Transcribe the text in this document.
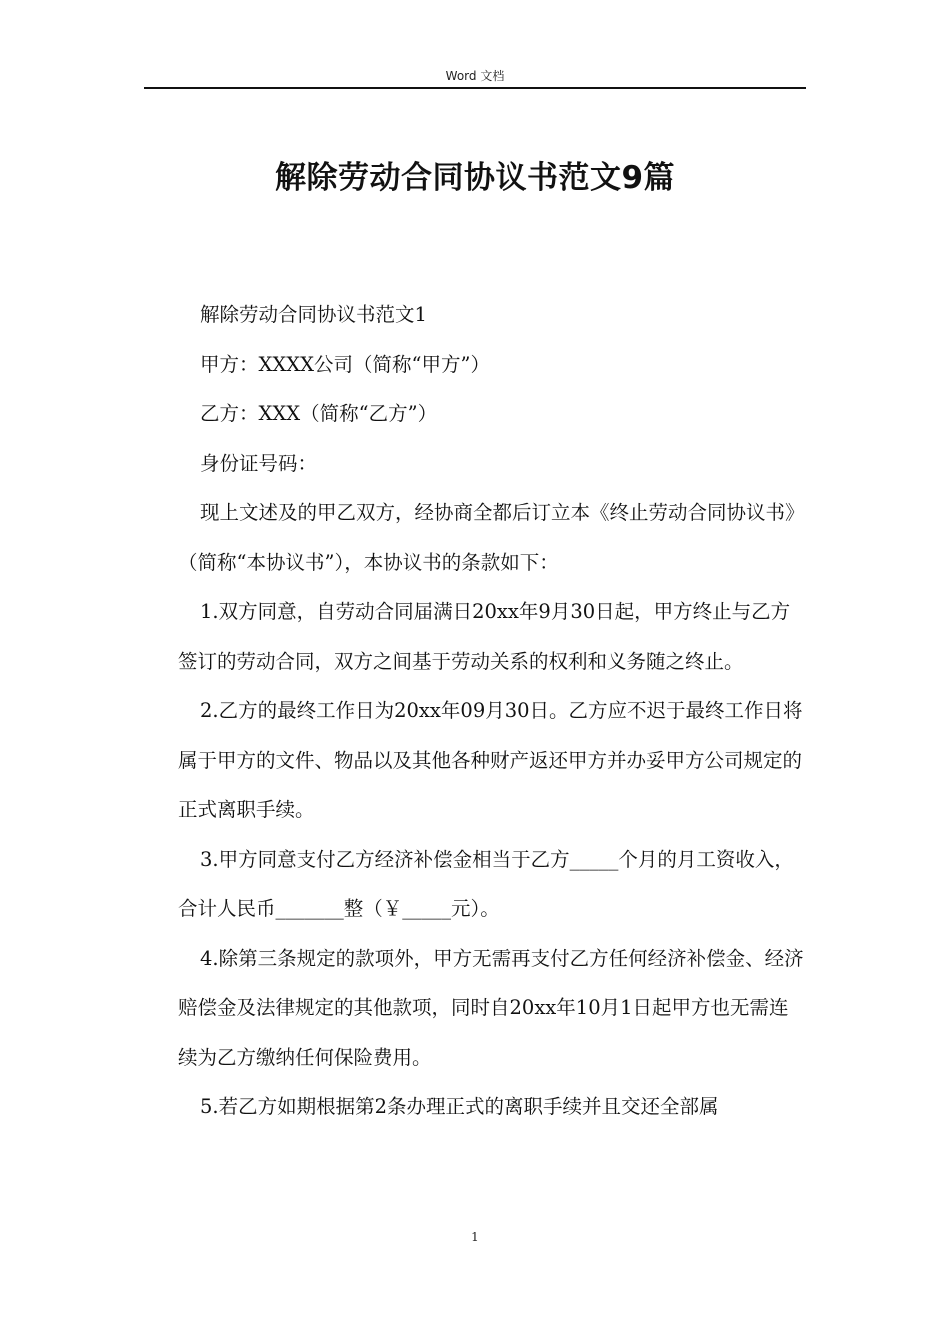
Word 文档
解除劳动合同协议书范文9篇

解除劳动合同协议书范文1

甲方：XXXX公司（简称“甲方”）

乙方：XXX（简称“乙方”）

身份证号码：

现上文述及的甲乙双方，经协商全都后订立本《终止劳动合同协议书》（简称“本协议书”），本协议书的条款如下：

1.双方同意，自劳动合同届满日20xx年9月30日起，甲方终止与乙方签订的劳动合同，双方之间基于劳动关系的权利和义务随之终止。

2.乙方的最终工作日为20xx年09月30日。乙方应不迟于最终工作日将属于甲方的文件、物品以及其他各种财产返还甲方并办妥甲方公司规定的正式离职手续。

3.甲方同意支付乙方经济补偿金相当于乙方_____个月的月工资收入，合计人民币_______整（￥_____元）。

4.除第三条规定的款项外，甲方无需再支付乙方任何经济补偿金、经济赔偿金及法律规定的其他款项，同时自20xx年10月1日起甲方也无需连续为乙方缴纳任何保险费用。

5.若乙方如期根据第2条办理正式的离职手续并且交还全部属

1
